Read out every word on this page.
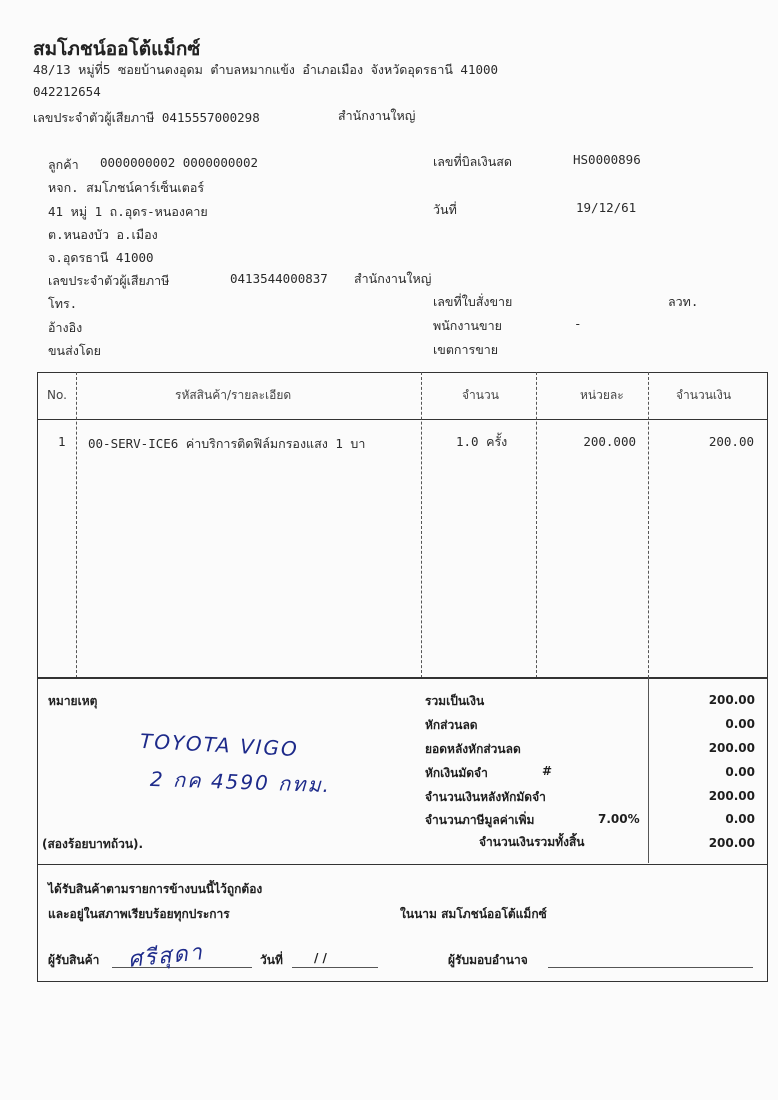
สมโภชน์ออโต้แม็กซ์
48/13 หมู่ที่5 ซอยบ้านดงอุดม ตำบลหมากแข้ง อำเภอเมือง จังหวัดอุดรธานี 41000
042212654
เลขประจำตัวผู้เสียภาษี 0415557000298	สำนักงานใหญ่
ลูกค้า 0000000002 0000000002
หจก. สมโภชน์คาร์เซ็นเตอร์
41 หมู่ 1 ถ.อุดร-หนองคาย
ต.หนองบัว อ.เมือง
จ.อุดรธานี 41000
เลขประจำตัวผู้เสียภาษี	0413544000837 สำนักงานใหญ่
โทร.
อ้างอิง
ขนส่งโดย
เลขที่บิลเงินสด	HS0000896
วันที่	19/12/61
เลขที่ใบสั่งขาย	ลวท.
พนักงานขาย	-
เขตการขาย
No.	รหัสสินค้า/รายละเอียด	จำนวน	หน่วยละ	จำนวนเงิน
1 00-SERV-ICE6 ค่าบริการติดฟิล์มกรองแสง 1 บา	1.0 ครั้ง	200.000	200.00
หมายเหตุ
TOYOTA VIGO
2 กค 4590 กทม.
(สองร้อยบาทถ้วน).
รวมเป็นเงิน	200.00
หักส่วนลด	0.00
ยอดหลังหักส่วนลด	200.00
หักเงินมัดจำ	#	0.00
จำนวนเงินหลังหักมัดจำ	200.00
จำนวนภาษีมูลค่าเพิ่ม	7.00%	0.00
จำนวนเงินรวมทั้งสิ้น	200.00
ได้รับสินค้าตามรายการข้างบนนี้ไว้ถูกต้อง
และอยู่ในสภาพเรียบร้อยทุกประการ	ในนาม สมโภชน์ออโต้แม็กซ์
ผู้รับสินค้า ศรีสุดา	วันที่	/ /	ผู้รับมอบอำนาจ
